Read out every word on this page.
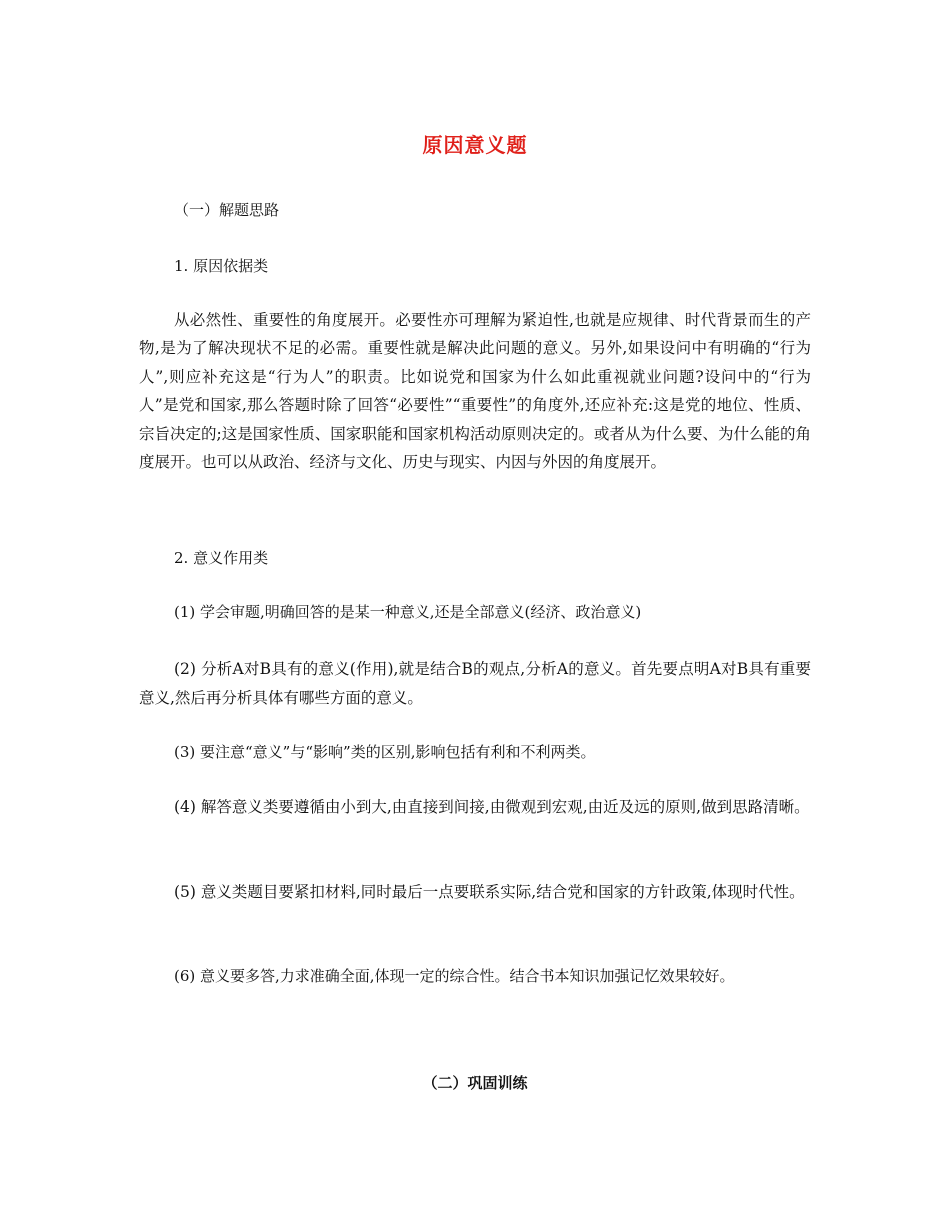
原因意义题

（一）解题思路

1. 原因依据类

从必然性、重要性的角度展开。必要性亦可理解为紧迫性,也就是应规律、时代背景而生的产物,是为了解决现状不足的必需。重要性就是解决此问题的意义。另外,如果设问中有明确的“行为人”,则应补充这是“行为人”的职责。比如说党和国家为什么如此重视就业问题?设问中的“行为人”是党和国家,那么答题时除了回答“必要性”“重要性”的角度外,还应补充:这是党的地位、性质、宗旨决定的;这是国家性质、国家职能和国家机构活动原则决定的。或者从为什么要、为什么能的角度展开。也可以从政治、经济与文化、历史与现实、内因与外因的角度展开。

2. 意义作用类

(1) 学会审题,明确回答的是某一种意义,还是全部意义(经济、政治意义)

(2) 分析A对B具有的意义(作用),就是结合B的观点,分析A的意义。首先要点明A对B具有重要意义,然后再分析具体有哪些方面的意义。

(3) 要注意“意义”与“影响”类的区别,影响包括有利和不利两类。

(4) 解答意义类要遵循由小到大,由直接到间接,由微观到宏观,由近及远的原则,做到思路清晰。

(5) 意义类题目要紧扣材料,同时最后一点要联系实际,结合党和国家的方针政策,体现时代性。

(6) 意义要多答,力求准确全面,体现一定的综合性。结合书本知识加强记忆效果较好。

（二）巩固训练
